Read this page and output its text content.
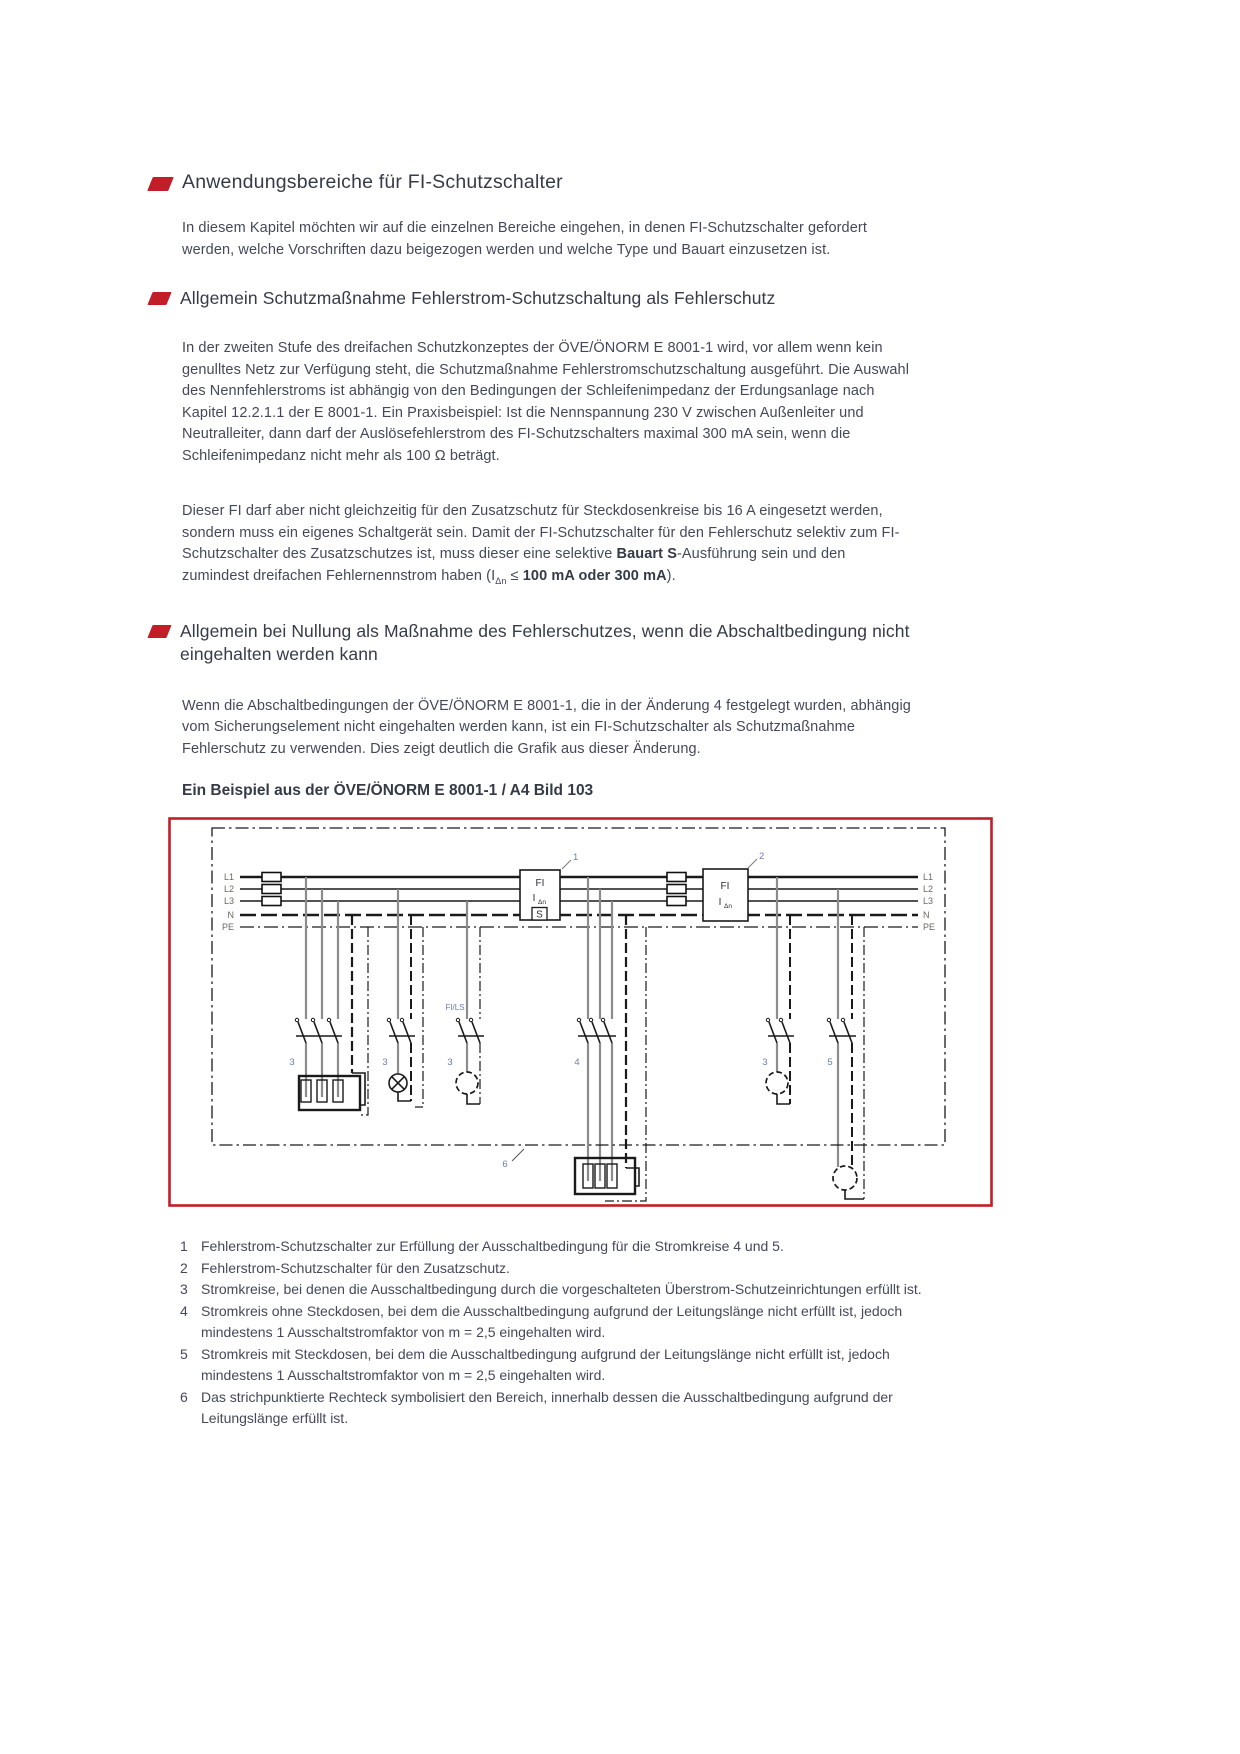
Anwendungsbereiche für FI-Schutzschalter
In diesem Kapitel möchten wir auf die einzelnen Bereiche eingehen, in denen FI-Schutzschalter gefordert werden, welche Vorschriften dazu beigezogen werden und welche Type und Bauart einzusetzen ist.
Allgemein Schutzmaßnahme Fehlerstrom-Schutzschaltung als Fehlerschutz
In der zweiten Stufe des dreifachen Schutzkonzeptes der ÖVE/ÖNORM E 8001-1 wird, vor allem wenn kein genulltes Netz zur Verfügung steht, die Schutzmaßnahme Fehlerstromschutzschaltung ausgeführt. Die Auswahl des Nennfehlerstroms ist abhängig von den Bedingungen der Schleifenimpedanz der Erdungsanlage nach Kapitel 12.2.1.1 der E 8001-1. Ein Praxisbeispiel: Ist die Nennspannung 230 V zwischen Außenleiter und Neutralleiter, dann darf der Auslösefehlerstrom des FI-Schutzschalters maximal 300 mA sein, wenn die Schleifenimpedanz nicht mehr als 100 Ω beträgt.
Dieser FI darf aber nicht gleichzeitig für den Zusatzschutz für Steckdosenkreise bis 16 A eingesetzt werden, sondern muss ein eigenes Schaltgerät sein. Damit der FI-Schutzschalter für den Fehlerschutz selektiv zum FI-Schutzschalter des Zusatzschutzes ist, muss dieser eine selektive Bauart S-Ausführung sein und den zumindest dreifachen Fehlernennstrom haben ($I_{\Delta n} \le 100$ mA oder 300 mA).
Allgemein bei Nullung als Maßnahme des Fehlerschutzes, wenn die Abschaltbedingung nicht eingehalten werden kann
Wenn die Abschaltbedingungen der ÖVE/ÖNORM E 8001-1, die in der Änderung 4 festgelegt wurden, abhängig vom Sicherungselement nicht eingehalten werden kann, ist ein FI-Schutzschalter als Schutzmaßnahme Fehlerschutz zu verwenden. Dies zeigt deutlich die Grafik aus dieser Änderung.
Ein Beispiel aus der ÖVE/ÖNORM E 8001-1 / A4 Bild 103
L1
L2
L3
N
PE
L1
L2
L3
N
PE
FI
I Δn
S
1
FI
I Δn
2
3	3
FI/LS
3	4	3	5
6
1 Fehlerstrom-Schutzschalter zur Erfüllung der Ausschaltbedingung für die Stromkreise 4 und 5.
2 Fehlerstrom-Schutzschalter für den Zusatzschutz.
3 Stromkreise, bei denen die Ausschaltbedingung durch die vorgeschalteten Überstrom-Schutzeinrichtungen erfüllt ist.
4 Stromkreis ohne Steckdosen, bei dem die Ausschaltbedingung aufgrund der Leitungslänge nicht erfüllt ist, jedoch mindestens 1 Ausschaltstromfaktor von m = 2,5 eingehalten wird.
5 Stromkreis mit Steckdosen, bei dem die Ausschaltbedingung aufgrund der Leitungslänge nicht erfüllt ist, jedoch mindestens 1 Ausschaltstromfaktor von m = 2,5 eingehalten wird.
6 Das strichpunktierte Rechteck symbolisiert den Bereich, innerhalb dessen die Ausschaltbedingung aufgrund der Leitungslänge erfüllt ist.
